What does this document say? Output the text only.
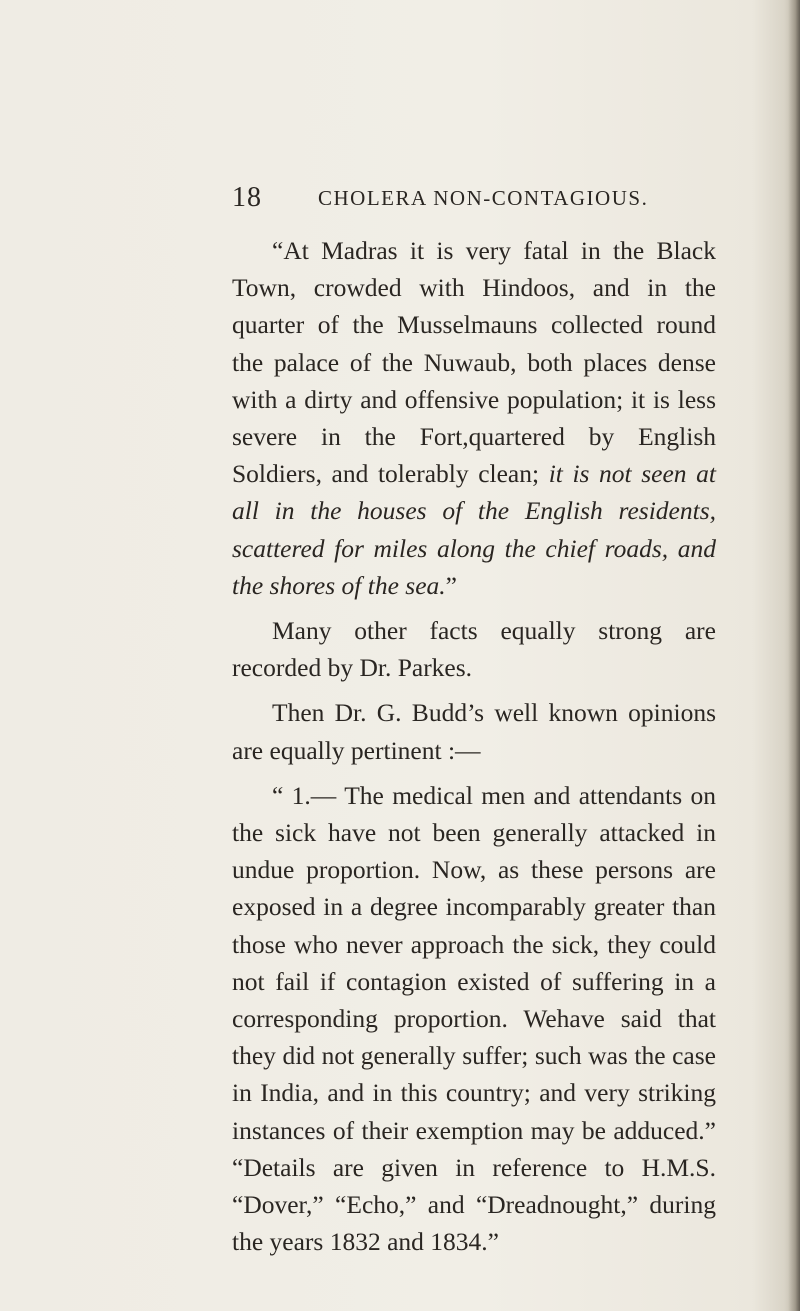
18	CHOLERA NON-CONTAGIOUS.

“At Madras it is very fatal in the Black Town, crowded with Hindoos, and in the quarter of the Musselmauns collected round the palace of the Nuwaub, both places dense with a dirty and offensive population; it is less severe in the Fort,quartered by English Soldiers, and tolerably clean; it is not seen at all in the houses of the English residents, scattered for miles along the chief roads, and the shores of the sea.”

Many other facts equally strong are recorded by Dr. Parkes.

Then Dr. G. Budd’s well known opinions are equally pertinent :—

“ 1.— The medical men and attendants on the sick have not been generally attacked in undue proportion. Now, as these persons are exposed in a degree incomparably greater than those who never approach the sick, they could not fail if contagion existed of suffering in a corresponding proportion. Wehave said that they did not generally suffer; such was the case in India, and in this country; and very striking instances of their exemption may be adduced.” “Details are given in reference to H.M.S. “Dover,” “Echo,” and “Dreadnought,” during the years 1832 and 1834.”
